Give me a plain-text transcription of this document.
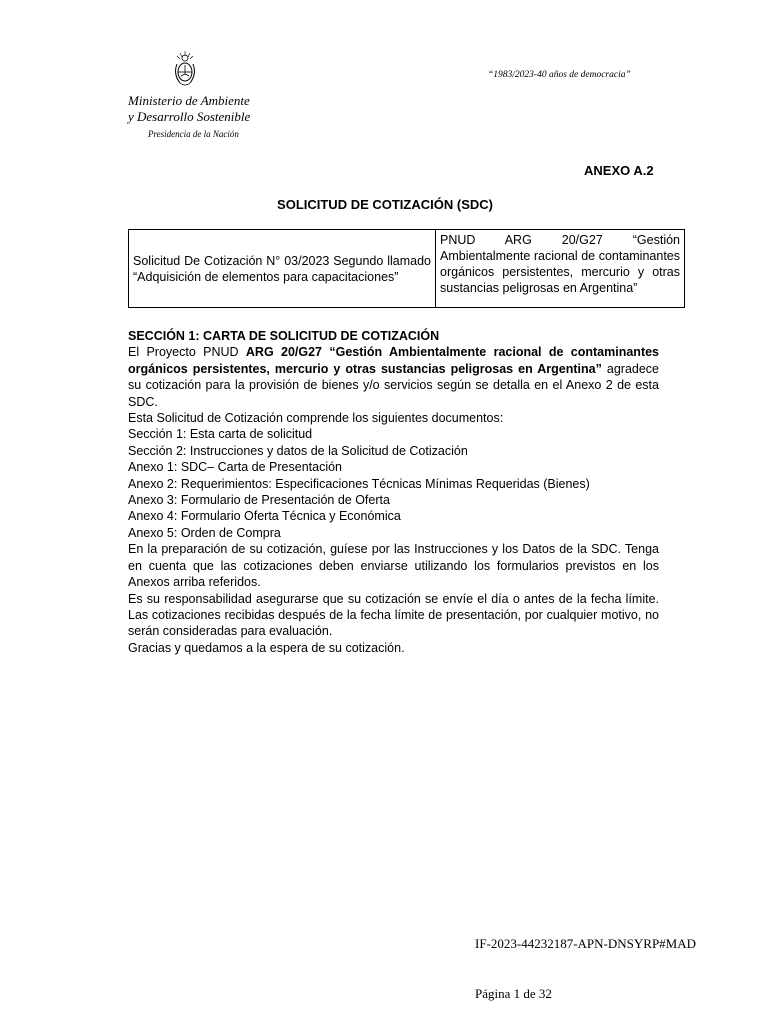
Ministerio de Ambiente
y Desarrollo Sostenible
Presidencia de la Nación
“1983/2023-40 años de democracia”
ANEXO A.2
SOLICITUD DE COTIZACIÓN (SDC)
Solicitud De Cotización N° 03/2023 Segundo llamado “Adquisición de elementos para capacitaciones”
PNUD ARG 20/G27 “Gestión Ambientalmente racional de contaminantes orgánicos persistentes, mercurio y otras sustancias peligrosas en Argentina”

SECCIÓN 1: CARTA DE SOLICITUD DE COTIZACIÓN

El Proyecto PNUD ARG 20/G27 “Gestión Ambientalmente racional de contaminantes orgánicos persistentes, mercurio y otras sustancias peligrosas en Argentina” agradece su cotización para la provisión de bienes y/o servicios según se detalla en el Anexo 2 de esta SDC.

Esta Solicitud de Cotización comprende los siguientes documentos:

Sección 1: Esta carta de solicitud

Sección 2: Instrucciones y datos de la Solicitud de Cotización

Anexo 1: SDC– Carta de Presentación

Anexo 2: Requerimientos: Especificaciones Técnicas Mínimas Requeridas (Bienes)

Anexo 3: Formulario de Presentación de Oferta

Anexo 4: Formulario Oferta Técnica y Económica

Anexo 5: Orden de Compra

En la preparación de su cotización, guíese por las Instrucciones y los Datos de la SDC. Tenga en cuenta que las cotizaciones deben enviarse utilizando los formularios previstos en los Anexos arriba referidos.

Es su responsabilidad asegurarse que su cotización se envíe el día o antes de la fecha límite. Las cotizaciones recibidas después de la fecha límite de presentación, por cualquier motivo, no serán consideradas para evaluación.

Gracias y quedamos a la espera de su cotización.

IF-2023-44232187-APN-DNSYRP#MAD
Página 1 de 32
